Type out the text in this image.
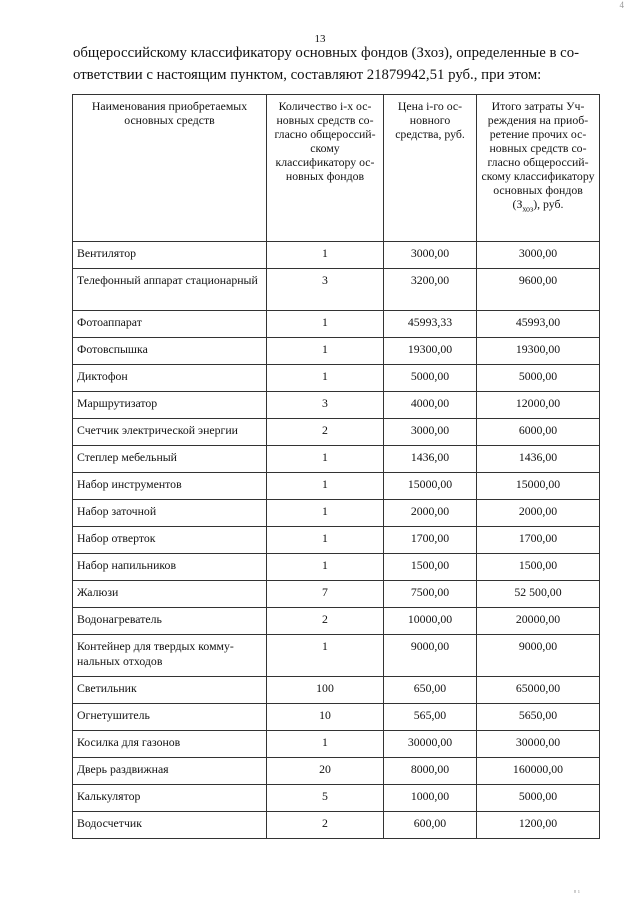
4
13
общероссийскому классификатору основных фондов (Зхоз), определенные в со-
ответствии с настоящим пунктом, составляют 21879942,51 руб., при этом:
Наименования приобретаемых основных средств	Количество i-х основных средств согласно общероссийскому классификатору основных фондов	Цена i-го основного средства, руб.	Итого затраты Учреждения на приобретение прочих основных средств согласно общероссийскому классификатору основных фондов $(З_{хоз})$, руб.
Вентилятор	1	3000,00	3000,00
Телефонный аппарат стационарный	3	3200,00	9600,00
Фотоаппарат	1	45993,33	45993,00
Фотовспышка	1	19300,00	19300,00
Диктофон	1	5000,00	5000,00
Маршрутизатор	3	4000,00	12000,00
Счетчик электрической энергии	2	3000,00	6000,00
Степлер мебельный	1	1436,00	1436,00
Набор инструментов	1	15000,00	15000,00
Набор заточной	1	2000,00	2000,00
Набор отверток	1	1700,00	1700,00
Набор напильников	1	1500,00	1500,00
Жалюзи	7	7500,00	52 500,00
Водонагреватель	2	10000,00	20000,00
Контейнер для твердых коммунальных отходов	1	9000,00	9000,00
Светильник	100	650,00	65000,00
Огнетушитель	10	565,00	5650,00
Косилка для газонов	1	30000,00	30000,00
Дверь раздвижная	20	8000,00	160000,00
Калькулятор	5	1000,00	5000,00
Водосчетчик	2	600,00	1200,00
⁸ ¹
